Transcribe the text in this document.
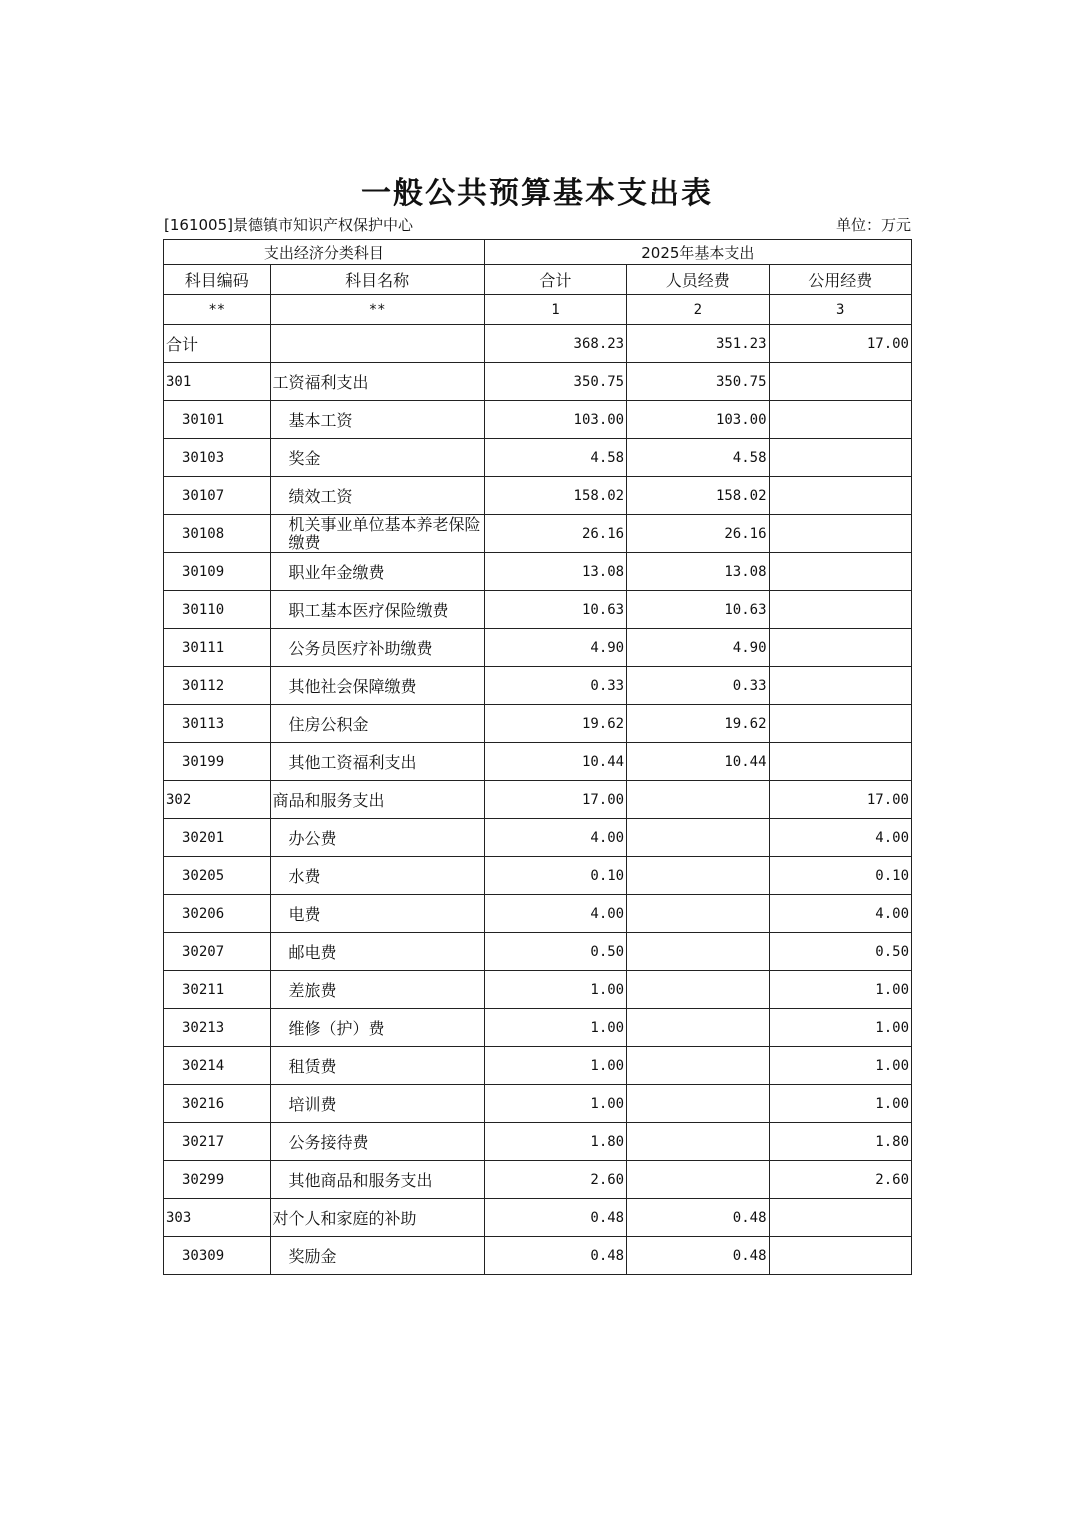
一般公共预算基本支出表
[161005]景德镇市知识产权保护中心	单位：万元
支出经济分类科目		2025年基本支出		
科目编码	科目名称	合计	人员经费	公用经费
**	**	1	2	3
合计		368.23	351.23	17.00
301	工资福利支出	350.75	350.75	
30101	基本工资	103.00	103.00	
30103	奖金	4.58	4.58	
30107	绩效工资	158.02	158.02	
30108	机关事业单位基本养老保险缴费	26.16	26.16	
30109	职业年金缴费	13.08	13.08	
30110	职工基本医疗保险缴费	10.63	10.63	
30111	公务员医疗补助缴费	4.90	4.90	
30112	其他社会保障缴费	0.33	0.33	
30113	住房公积金	19.62	19.62	
30199	其他工资福利支出	10.44	10.44	
302	商品和服务支出	17.00		17.00
30201	办公费	4.00		4.00
30205	水费	0.10		0.10
30206	电费	4.00		4.00
30207	邮电费	0.50		0.50
30211	差旅费	1.00		1.00
30213	维修（护）费	1.00		1.00
30214	租赁费	1.00		1.00
30216	培训费	1.00		1.00
30217	公务接待费	1.80		1.80
30299	其他商品和服务支出	2.60		2.60
303	对个人和家庭的补助	0.48	0.48	
30309	奖励金	0.48	0.48	
